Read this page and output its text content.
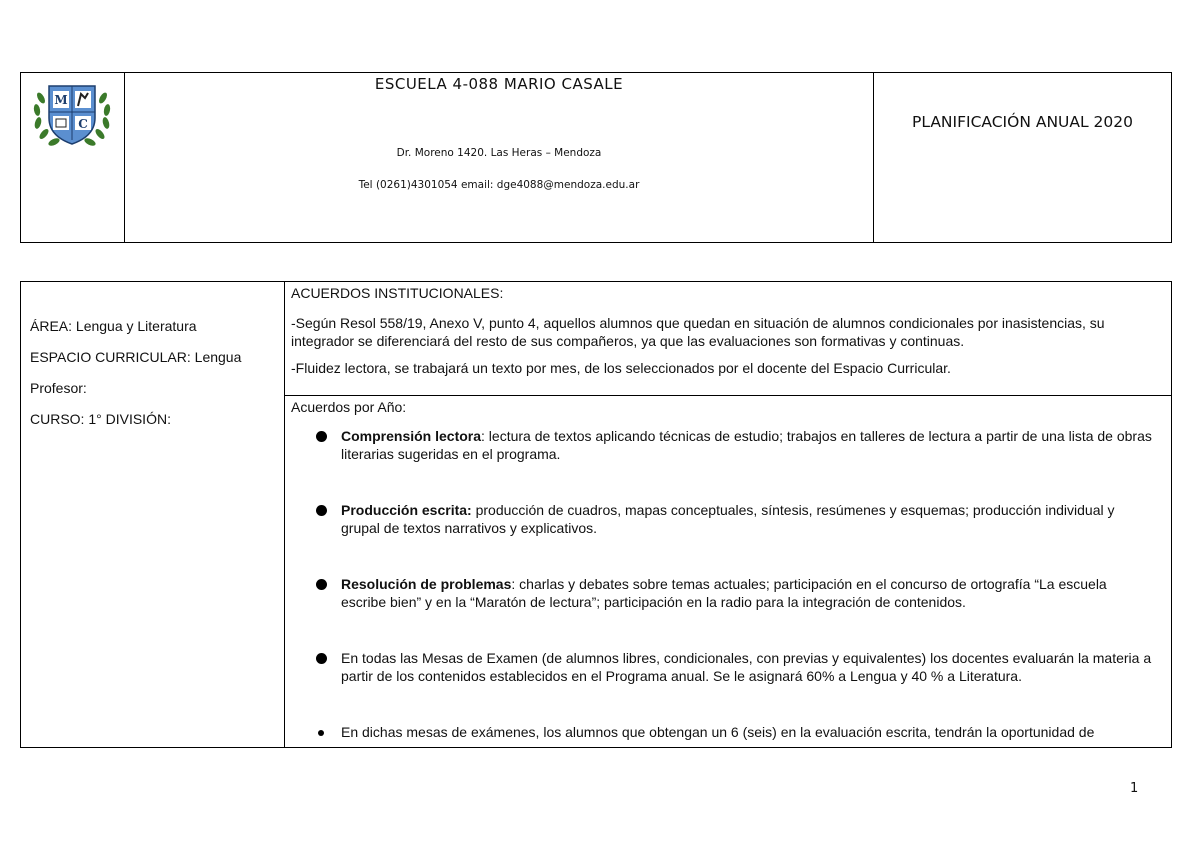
M
C
ESCUELA 4-088 MARIO CASALE
Dr. Moreno 1420. Las Heras – Mendoza
Tel (0261)4301054 email: dge4088@mendoza.edu.ar
PLANIFICACIÓN ANUAL 2020
ÁREA: Lengua y Literatura
ESPACIO CURRICULAR: Lengua
Profesor:
CURSO: 1° DIVISIÓN:

ACUERDOS INSTITUCIONALES:

-Según Resol 558/19, Anexo V, punto 4, aquellos alumnos que quedan en situación de alumnos condicionales por inasistencias, su integrador se diferenciará del resto de sus compañeros, ya que las evaluaciones son formativas y continuas.

-Fluidez lectora, se trabajará un texto por mes, de los seleccionados por el docente del Espacio Curricular.

Acuerdos por Año:
Comprensión lectora: lectura de textos aplicando técnicas de estudio; trabajos en talleres de lectura a partir de una lista de obras literarias sugeridas en el programa.
Producción escrita: producción de cuadros, mapas conceptuales, síntesis, resúmenes y esquemas; producción individual y grupal de textos narrativos y explicativos.
Resolución de problemas: charlas y debates sobre temas actuales; participación en el concurso de ortografía “La escuela escribe bien” y en la “Maratón de lectura”; participación en la radio para la integración de contenidos.
En todas las Mesas de Examen (de alumnos libres, condicionales, con previas y equivalentes) los docentes evaluarán la materia a partir de los contenidos establecidos en el Programa anual. Se le asignará 60% a Lengua y 40 % a Literatura.
En dichas mesas de exámenes, los alumnos que obtengan un 6 (seis) en la evaluación escrita, tendrán la oportunidad de
1
